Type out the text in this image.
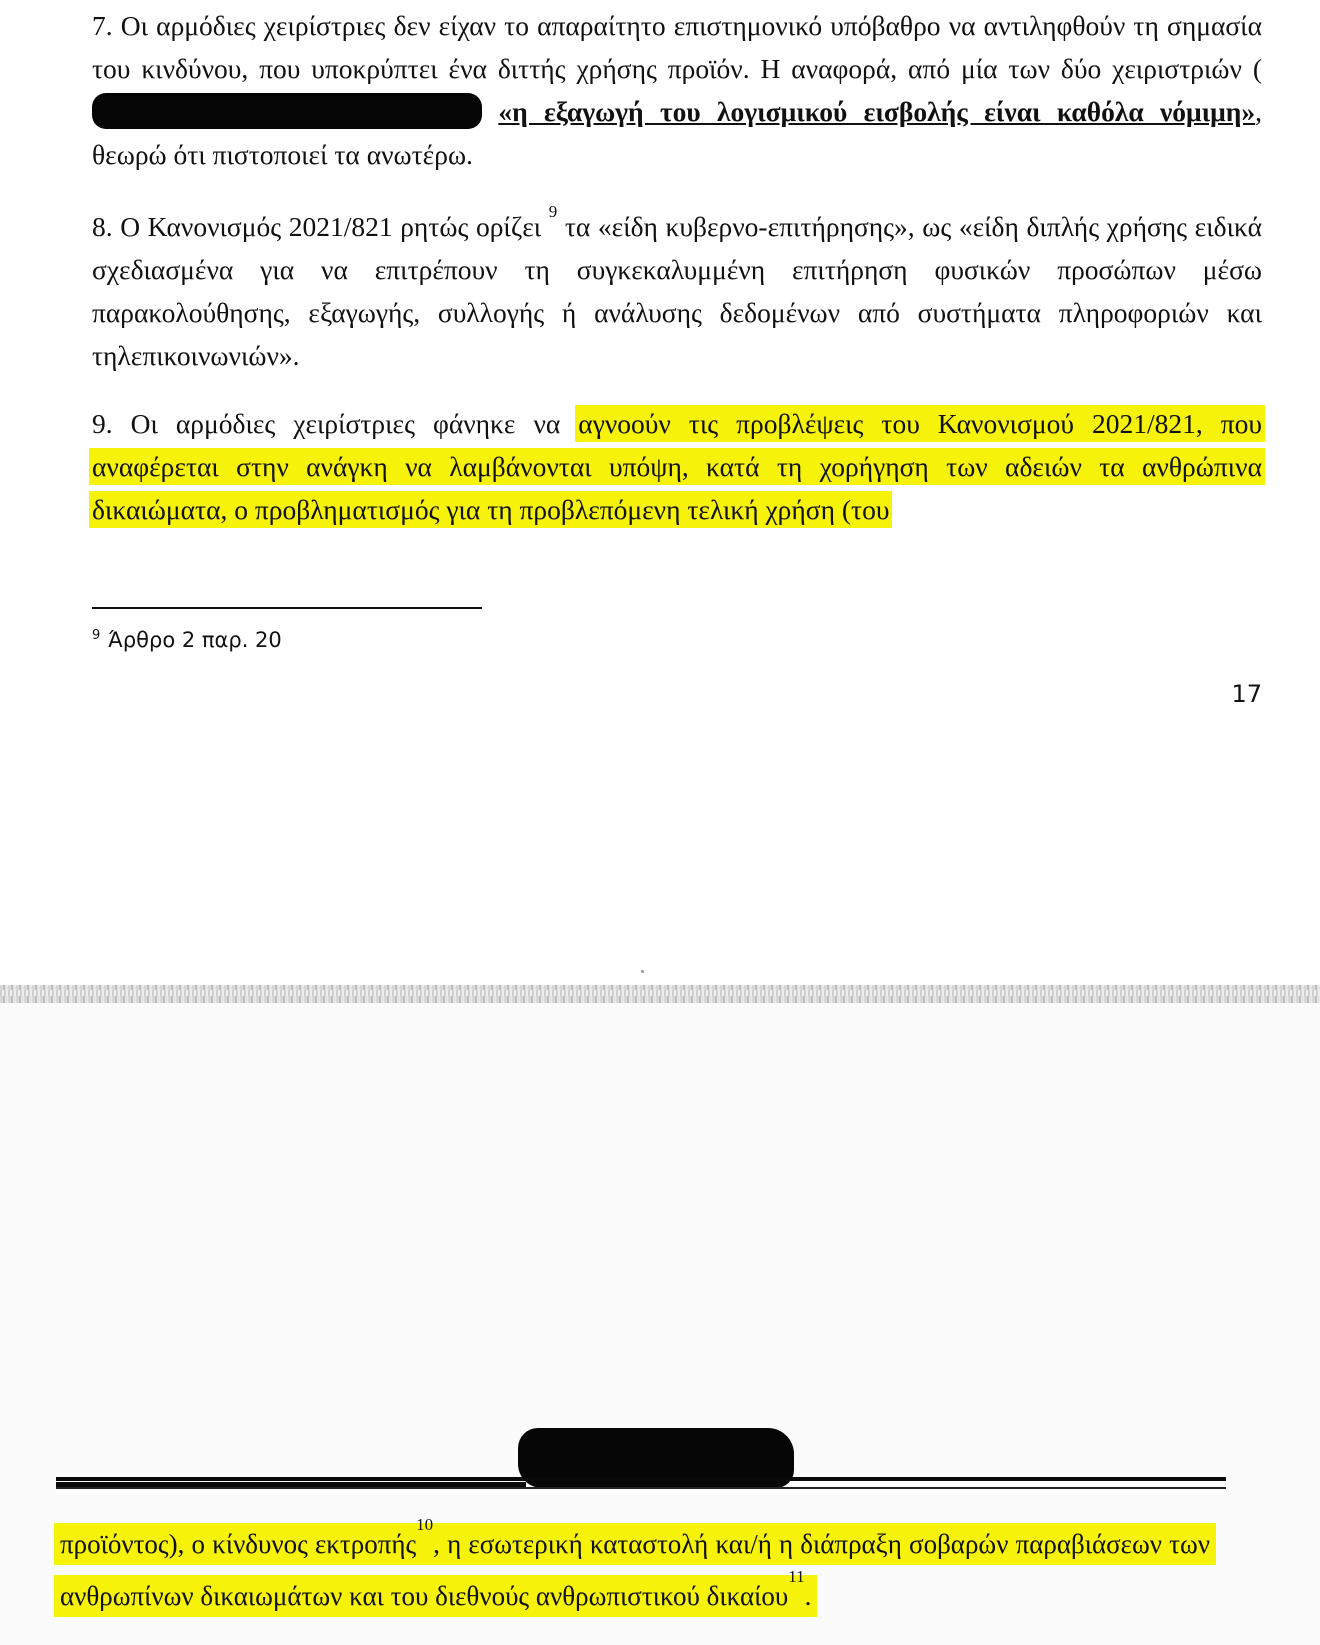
7. Οι αρμόδιες χειρίστριες δεν είχαν το απαραίτητο επιστημονικό υπόβαθρο να αντιληφθούν τη σημασία του κινδύνου, που υποκρύπτει ένα διττής χρήσης προϊόν. Η αναφορά, από μία των δύο χειριστριών ( «η εξαγωγή του λογισμικού εισβολής είναι καθόλα νόμιμη», θεωρώ ότι πιστοποιεί τα ανωτέρω.

8. Ο Κανονισμός 2021/821 ρητώς ορίζει $^9$ τα «είδη κυβερνο-επιτήρησης», ως «είδη διπλής χρήσης ειδικά σχεδιασμένα για να επιτρέπουν τη συγκεκαλυμμένη επιτήρηση φυσικών προσώπων μέσω παρακολούθησης, εξαγωγής, συλλογής ή ανάλυσης δεδομένων από συστήματα πληροφοριών και τηλεπικοινωνιών».

9. Οι αρμόδιες χειρίστριες φάνηκε να αγνοούν τις προβλέψεις του Κανονισμού 2021/821, που αναφέρεται στην ανάγκη να λαμβάνονται υπόψη, κατά τη χορήγηση των αδειών τα ανθρώπινα δικαιώματα, ο προβληματισμός για τη προβλεπόμενη τελική χρήση (του

$^9$ Άρθρο 2 παρ. 20
17

προϊόντος), ο κίνδυνος εκτροπής$^{10}$, η εσωτερική καταστολή και/ή η διάπραξη σοβαρών παραβιάσεων των ανθρωπίνων δικαιωμάτων και του διεθνούς ανθρωπιστικού δικαίου$^{11}$.
